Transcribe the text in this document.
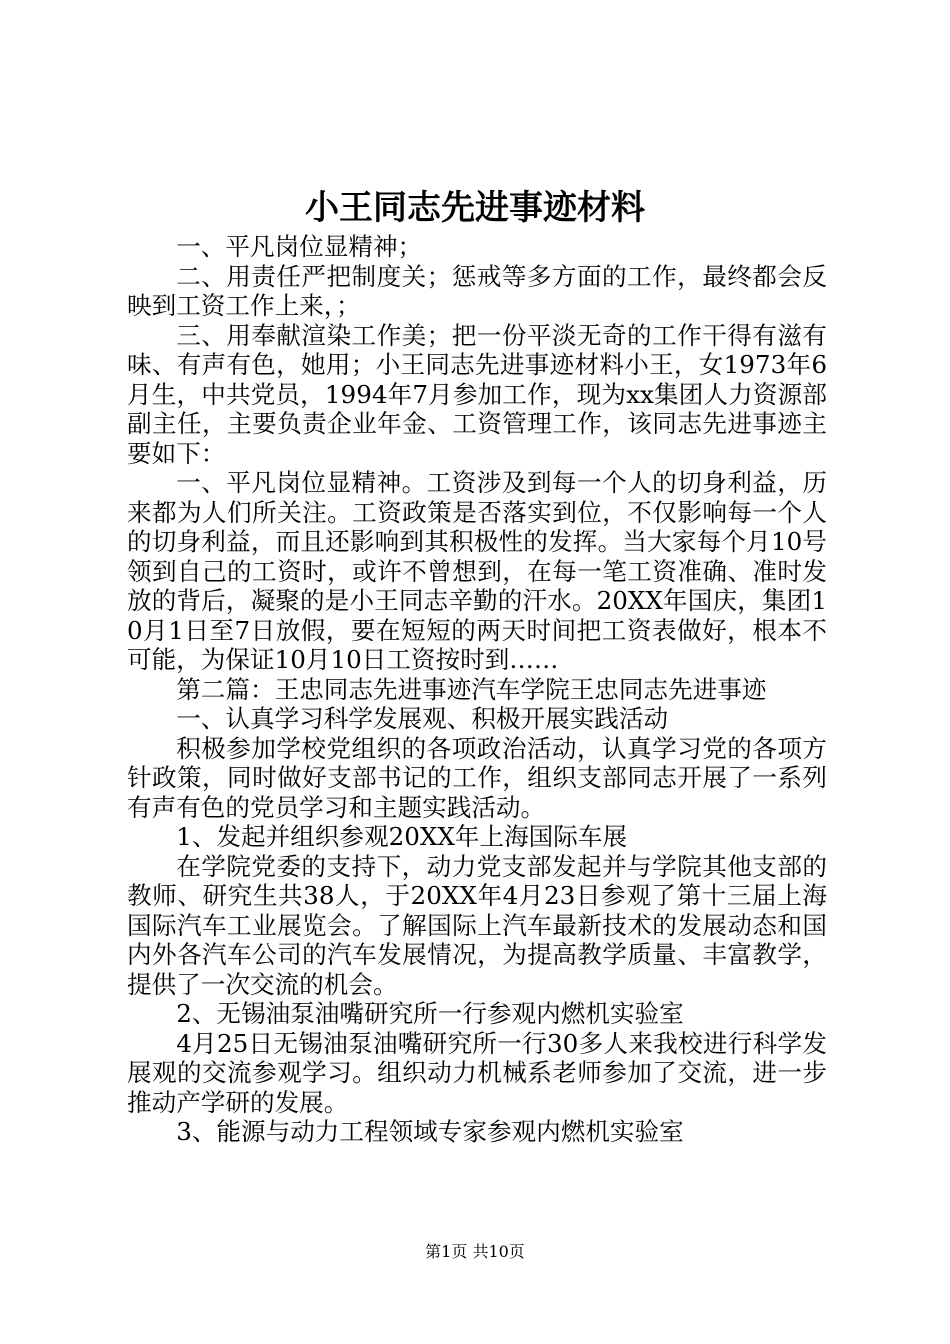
小王同志先进事迹材料

一、平凡岗位显精神；

二、用责任严把制度关；惩戒等多方面的工作，最终都会反映到工资工作上来，；

三、用奉献渲染工作美；把一份平淡无奇的工作干得有滋有味、有声有色，她用；小王同志先进事迹材料小王，女1973年6月生，中共党员，1994年7月参加工作，现为xx集团人力资源部副主任，主要负责企业年金、工资管理工作，该同志先进事迹主要如下：

一、平凡岗位显精神。工资涉及到每一个人的切身利益，历来都为人们所关注。工资政策是否落实到位，不仅影响每一个人的切身利益，而且还影响到其积极性的发挥。当大家每个月10号领到自己的工资时，或许不曾想到，在每一笔工资准确、准时发放的背后，凝聚的是小王同志辛勤的汗水。20XX年国庆，集团10月1日至7日放假，要在短短的两天时间把工资表做好，根本不可能，为保证10月10日工资按时到……

第二篇：王忠同志先进事迹汽车学院王忠同志先进事迹

一、认真学习科学发展观、积极开展实践活动

积极参加学校党组织的各项政治活动，认真学习党的各项方针政策，同时做好支部书记的工作，组织支部同志开展了一系列有声有色的党员学习和主题实践活动。

1、发起并组织参观20XX年上海国际车展

在学院党委的支持下，动力党支部发起并与学院其他支部的教师、研究生共38人，于20XX年4月23日参观了第十三届上海国际汽车工业展览会。了解国际上汽车最新技术的发展动态和国内外各汽车公司的汽车发展情况，为提高教学质量、丰富教学，提供了一次交流的机会。

2、无锡油泵油嘴研究所一行参观内燃机实验室

4月25日无锡油泵油嘴研究所一行30多人来我校进行科学发展观的交流参观学习。组织动力机械系老师参加了交流，进一步推动产学研的发展。

3、能源与动力工程领域专家参观内燃机实验室

第1页 共10页
